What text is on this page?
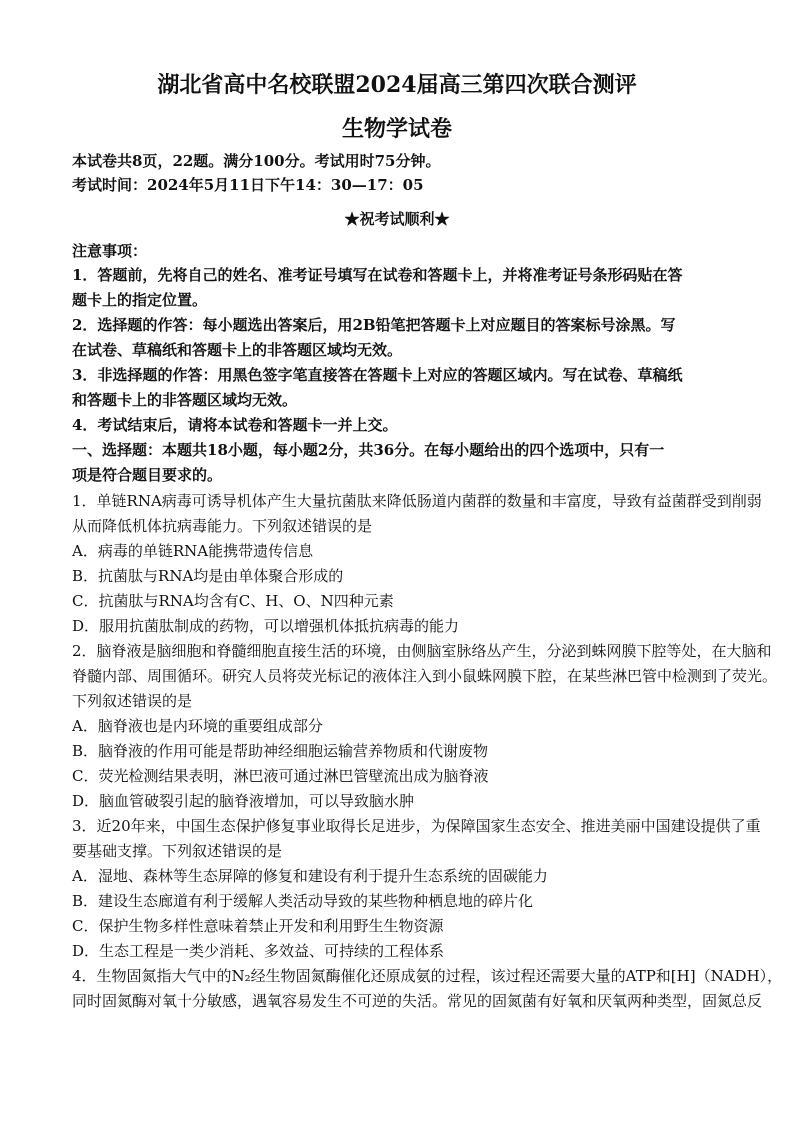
湖北省高中名校联盟2024届高三第四次联合测评
生物学试卷
本试卷共8页，22题。满分100分。考试用时75分钟。
考试时间：2024年5月11日下午14：30—17：05
★祝考试顺利★
注意事项：
1．答题前，先将自己的姓名、准考证号填写在试卷和答题卡上，并将准考证号条形码贴在答
题卡上的指定位置。
2．选择题的作答：每小题选出答案后，用2B铅笔把答题卡上对应题目的答案标号涂黑。写
在试卷、草稿纸和答题卡上的非答题区域均无效。
3．非选择题的作答：用黑色签字笔直接答在答题卡上对应的答题区域内。写在试卷、草稿纸
和答题卡上的非答题区域均无效。
4．考试结束后，请将本试卷和答题卡一并上交。
一、选择题：本题共18小题，每小题2分，共36分。在每小题给出的四个选项中，只有一
项是符合题目要求的。
1．单链RNA病毒可诱导机体产生大量抗菌肽来降低肠道内菌群的数量和丰富度，导致有益菌群受到削弱
从而降低机体抗病毒能力。下列叙述错误的是
A．病毒的单链RNA能携带遗传信息
B．抗菌肽与RNA均是由单体聚合形成的
C．抗菌肽与RNA均含有C、H、O、N四种元素
D．服用抗菌肽制成的药物，可以增强机体抵抗病毒的能力
2．脑脊液是脑细胞和脊髓细胞直接生活的环境，由侧脑室脉络丛产生，分泌到蛛网膜下腔等处，在大脑和
脊髓内部、周围循环。研究人员将荧光标记的液体注入到小鼠蛛网膜下腔，在某些淋巴管中检测到了荧光。
下列叙述错误的是
A．脑脊液也是内环境的重要组成部分
B．脑脊液的作用可能是帮助神经细胞运输营养物质和代谢废物
C．荧光检测结果表明，淋巴液可通过淋巴管壁流出成为脑脊液
D．脑血管破裂引起的脑脊液增加，可以导致脑水肿
3．近20年来，中国生态保护修复事业取得长足进步，为保障国家生态安全、推进美丽中国建设提供了重
要基础支撑。下列叙述错误的是
A．湿地、森林等生态屏障的修复和建设有利于提升生态系统的固碳能力
B．建设生态廊道有利于缓解人类活动导致的某些物种栖息地的碎片化
C．保护生物多样性意味着禁止开发和利用野生生物资源
D．生态工程是一类少消耗、多效益、可持续的工程体系
4．生物固氮指大气中的N₂经生物固氮酶催化还原成氨的过程，该过程还需要大量的ATP和[H]（NADH），
同时固氮酶对氧十分敏感，遇氧容易发生不可逆的失活。常见的固氮菌有好氧和厌氧两种类型，固氮总反
